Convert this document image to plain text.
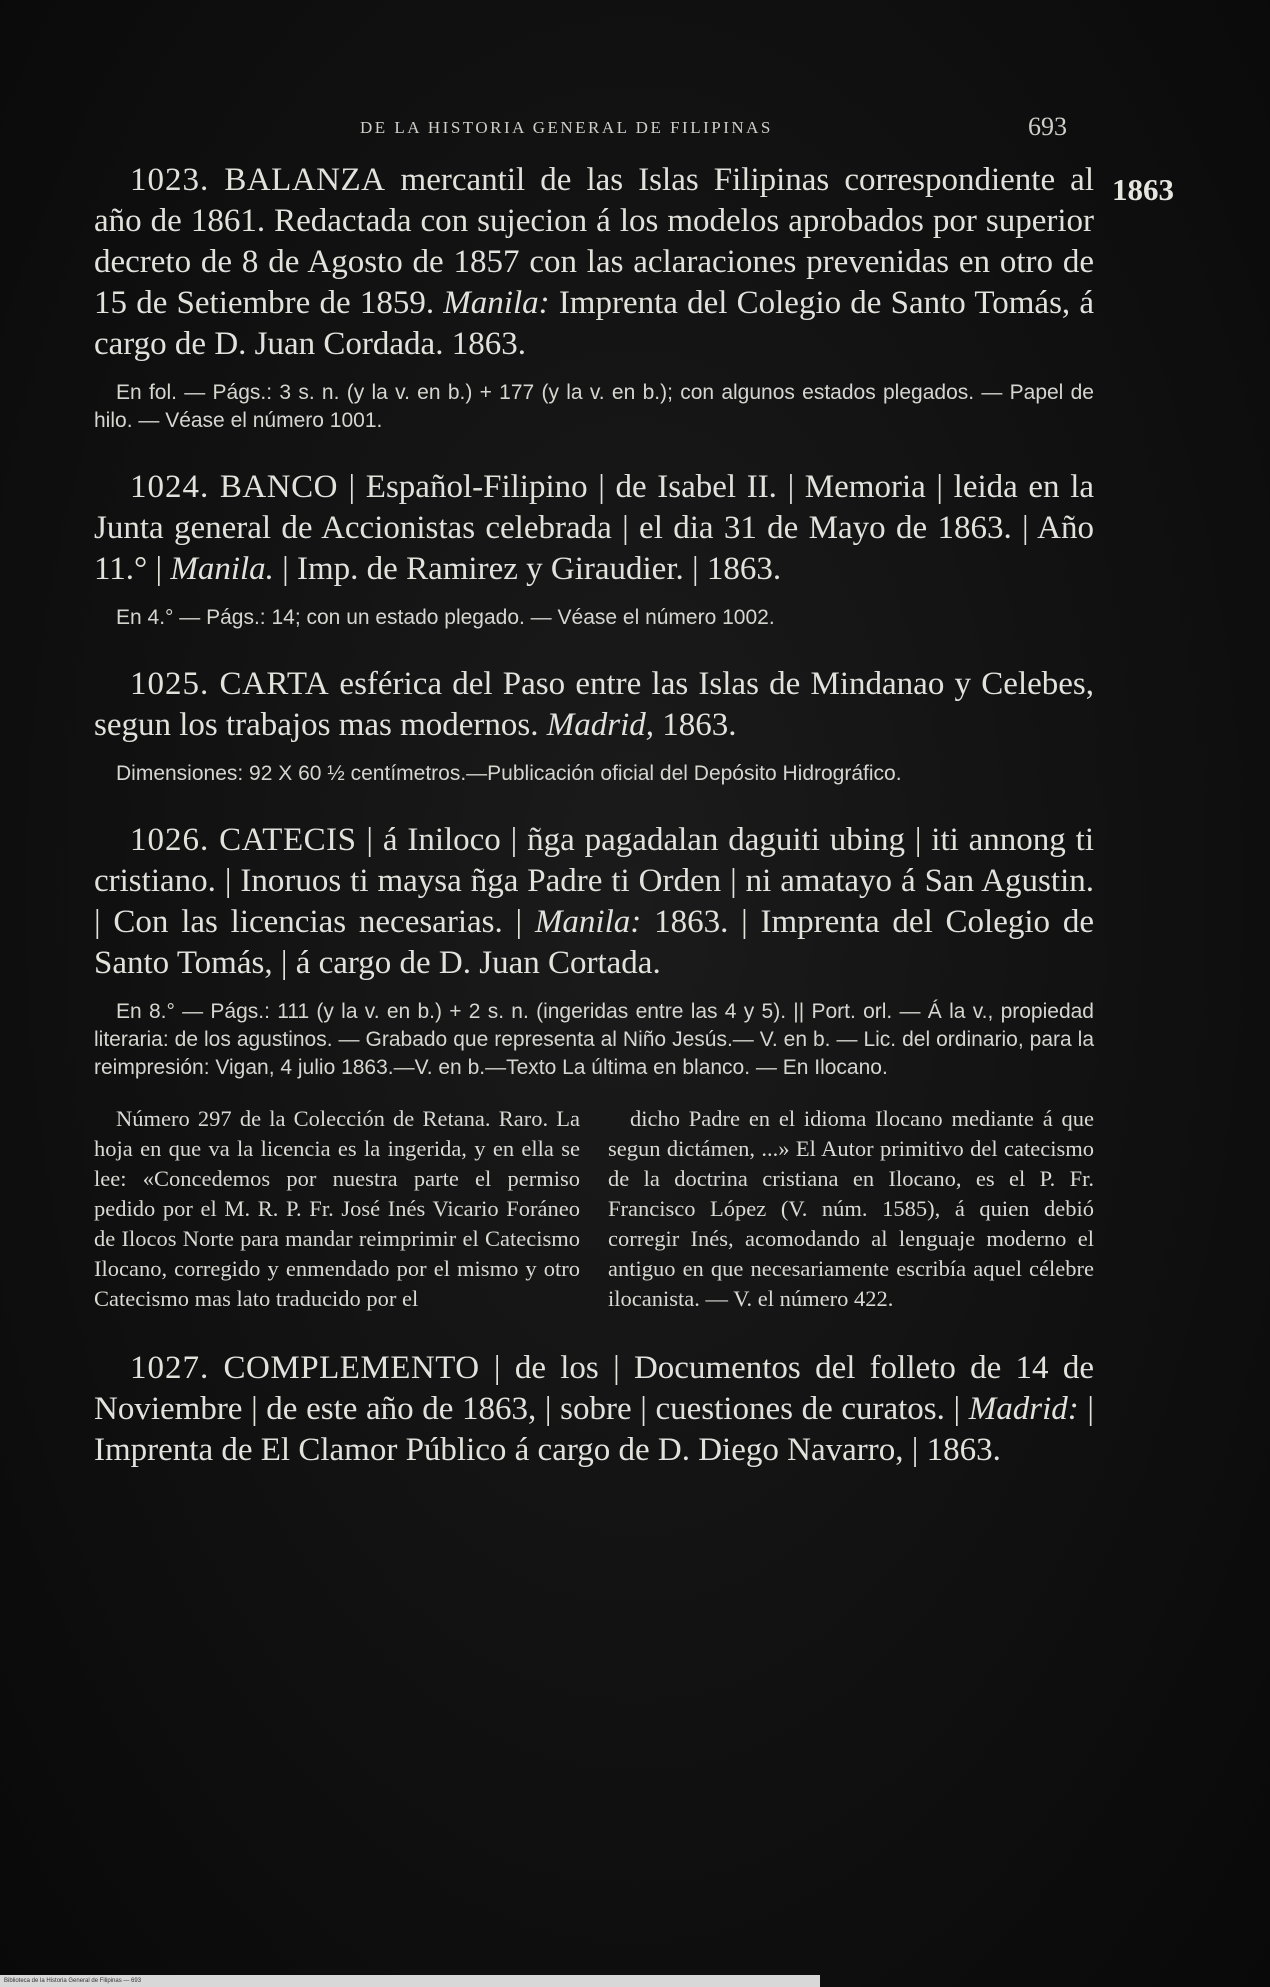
DE LA HISTORIA GENERAL DE FILIPINAS	693
1863

1023. BALANZA mercantil de las Islas Filipinas correspondiente al año de 1861. Redactada con sujecion á los modelos aprobados por superior decreto de 8 de Agosto de 1857 con las aclaraciones prevenidas en otro de 15 de Setiembre de 1859. Manila: Imprenta del Colegio de Santo Tomás, á cargo de D. Juan Cordada. 1863.

En fol. — Págs.: 3 s. n. (y la v. en b.) + 177 (y la v. en b.); con algunos estados plegados. — Papel de hilo. — Véase el número 1001.

1024. BANCO | Español-Filipino | de Isabel II. | Memoria | leida en la Junta general de Accionistas celebrada | el dia 31 de Mayo de 1863. | Año 11.° | Manila. | Imp. de Ramirez y Giraudier. | 1863.

En 4.° — Págs.: 14; con un estado plegado. — Véase el número 1002.

1025. CARTA esférica del Paso entre las Islas de Mindanao y Celebes, segun los trabajos mas modernos. Madrid, 1863.

Dimensiones: 92 X 60 ½ centímetros.—Publicación oficial del Depósito Hidrográfico.

1026. CATECIS | á Iniloco | ñga pagadalan daguiti ubing | iti annong ti cristiano. | Inoruos ti maysa ñga Padre ti Orden | ni amatayo á San Agustin. | Con las licencias necesarias. | Manila: 1863. | Imprenta del Colegio de Santo Tomás, | á cargo de D. Juan Cortada.

En 8.° — Págs.: 111 (y la v. en b.) + 2 s. n. (ingeridas entre las 4 y 5). || Port. orl. — Á la v., propiedad literaria: de los agustinos. — Grabado que representa al Niño Jesús.— V. en b. — Lic. del ordinario, para la reimpresión: Vigan, 4 julio 1863.—V. en b.—Texto La última en blanco. — En Ilocano.

Número 297 de la Colección de Retana. Raro. La hoja en que va la licencia es la ingerida, y en ella se lee: «Concedemos por nuestra parte el permiso pedido por el M. R. P. Fr. José Inés Vicario Foráneo de Ilocos Norte para mandar reimprimir el Catecismo Ilocano, corregido y enmendado por el mismo y otro Catecismo mas lato traducido por el

dicho Padre en el idioma Ilocano mediante á que segun dictámen, ...» El Autor primitivo del catecismo de la doctrina cristiana en Ilocano, es el P. Fr. Francisco López (V. núm. 1585), á quien debió corregir Inés, acomodando al lenguaje moderno el antiguo en que necesariamente escribía aquel célebre ilocanista. — V. el número 422.

1027. COMPLEMENTO | de los | Documentos del folleto de 14 de Noviembre | de este año de 1863, | sobre | cuestiones de curatos. | Madrid: | Imprenta de El Clamor Público á cargo de D. Diego Navarro, | 1863.

Biblioteca de la Historia General de Filipinas — 693
